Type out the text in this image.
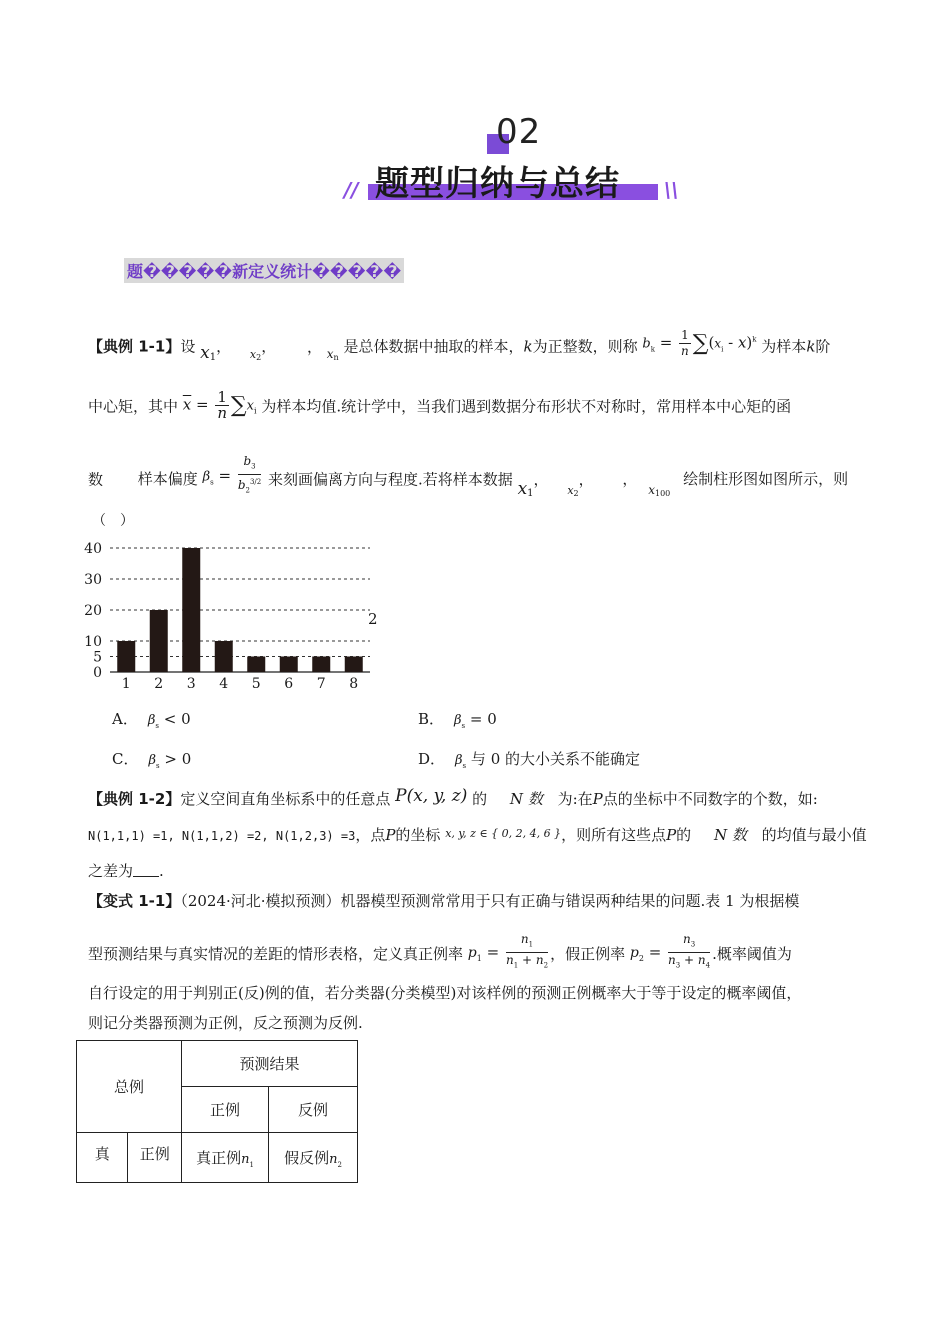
02
// 题型归纳与总结 \\
题�����新定义统计�����
【典例 1-1】设 $x_1$， $_{x2}$， ， $_{xn}$ 是总体数据中抽取的样本，k为正整数，则称 $b_k = \frac{1}{n} \sum(x_i - x)^k$ 为样本k阶
中心矩，其中 $\overline{x} = \frac{1}{n} \sum x_i$ 为样本均值.统计学中，当我们遇到数据分布形状不对称时，常用样本中心矩的函
数 样本偏度 $\beta_s = \frac{b_3}{b_2^{3/2}}$ 来刻画偏离方向与程度.若将样本数据 $x_1$， $_{x2}$， ， $_{x100}$ 绘制柱形图如图所示，则
（　）
0
5
10
20
30
40
1 2 3 4 5 6 7 8
2
A． $\beta_s < 0$	B． $\beta_s = 0$
C． $\beta_s > 0$	D． $\beta_s$ 与 0 的大小关系不能确定
【典例 1-2】定义空间直角坐标系中的任意点 P(x, y, z) 的 N 数 为:在P点的坐标中不同数字的个数，如:
N(1,1,1) =1, N(1,1,2) =2, N(1,2,3) =3，点P的坐标 $^{x, y, z \in \{ 0, 2, 4, 6 \}}$，则所有这些点P的 N 数 的均值与最小值
之差为 .
【变式 1-1】（2024·河北·模拟预测）机器模型预测常常用于只有正确与错误两种结果的问题.表 1 为根据模
型预测结果与真实情况的差距的情形表格，定义真正例率 $p_1 = \frac{n_1}{n_1 + n_2}$ ，假正例率 $p_2 = \frac{n_3}{n_3 + n_4}$ .概率阈值为
自行设定的用于判别正(反)例的值，若分类器(分类模型)对该样例的预测正例概率大于等于设定的概率阈值，
则记分类器预测为正例，反之预测为反例.
总例		预测结果	
		正例	反例
真	正例	真正例$n_1$	假反例$n_2$
